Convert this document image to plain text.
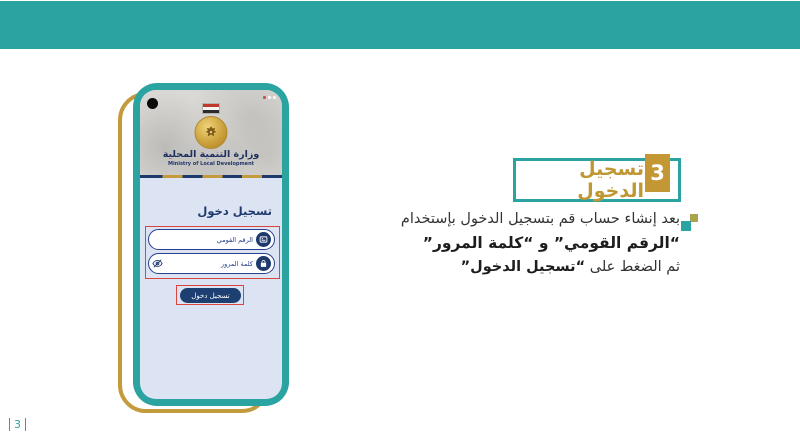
وزارة التنمية المحلية
Ministry of Local Development
تسجيل دخول
الرقم القومي
كلمة المرور
تسجيل دخول
3
تسجيل الدخول
بعد إنشاء حساب قم بتسجيل الدخول بإستخدام
“الرقم القومي” و “كلمة المرور”
ثم الضغط على “تسجيل الدخول”
3
